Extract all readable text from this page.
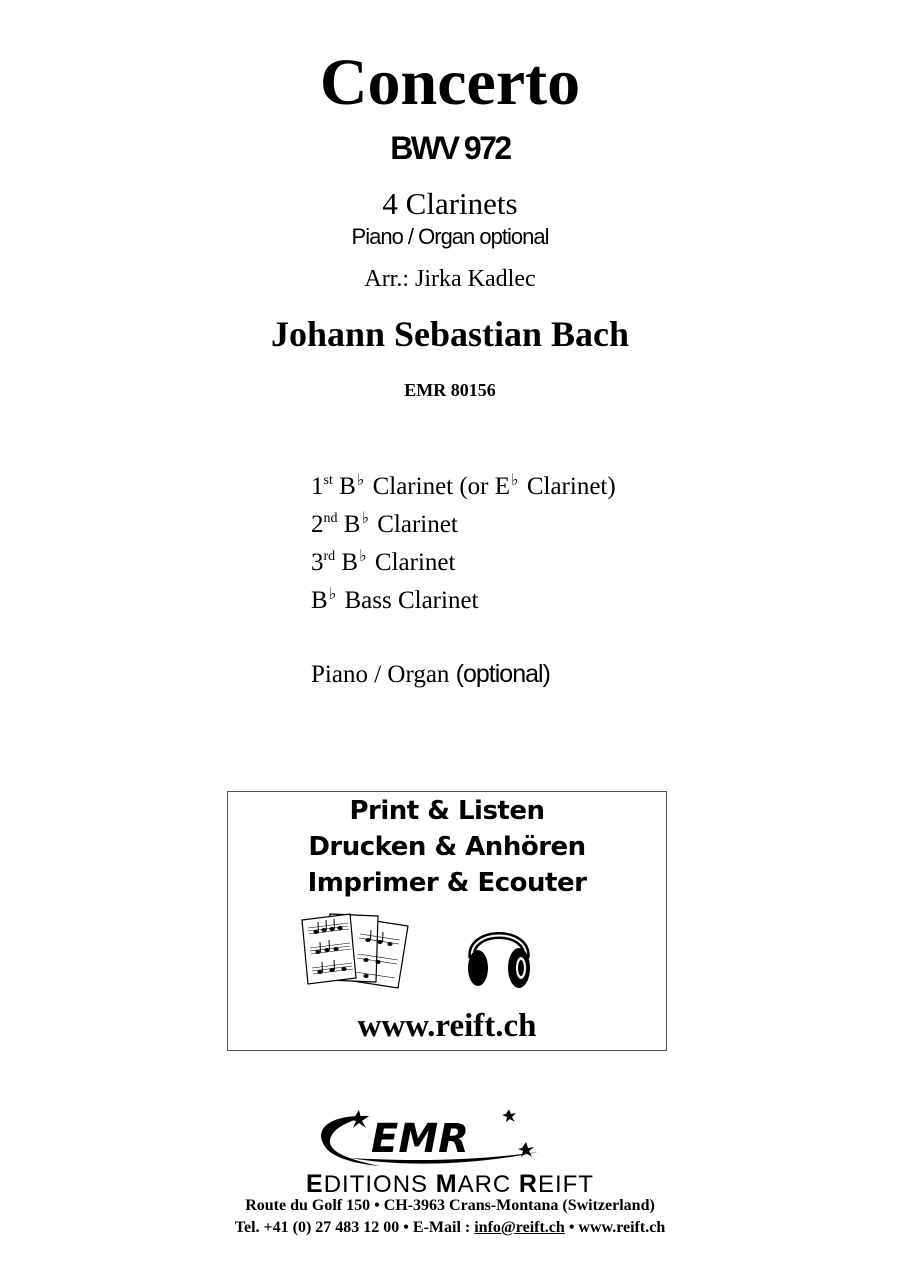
Concerto
BWV 972
4 Clarinets
Piano / Organ optional
Arr.: Jirka Kadlec
Johann Sebastian Bach
EMR 80156
1st B♭ Clarinet (or E♭ Clarinet)
2nd B♭ Clarinet
3rd B♭ Clarinet
B♭ Bass Clarinet
Piano / Organ (optional)
Print & Listen
Drucken & Anhören
Imprimer & Ecouter
www.reift.ch
EMR
EDITIONS MARC REIFT
Route du Golf 150 • CH-3963 Crans-Montana (Switzerland)
Tel. +41 (0) 27 483 12 00 • E-Mail : info@reift.ch • www.reift.ch
